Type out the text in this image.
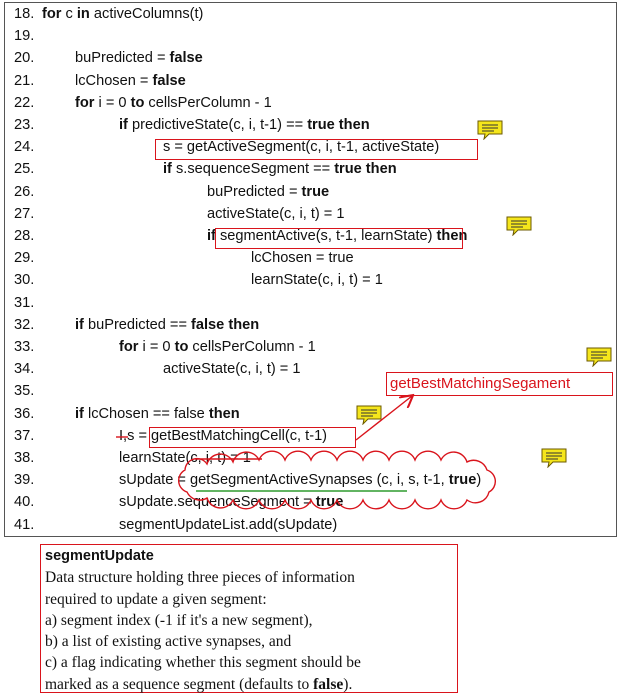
18. for c in activeColumns(t)
19.
20.	buPredicted = false
21.	lcChosen = false
22.	for i = 0 to cellsPerColumn - 1
23.	if predictiveState(c, i, t-1) == true then
24.	s = getActiveSegment(c, i, t-1, activeState)
25.	if s.sequenceSegment == true then
26.	buPredicted = true
27.	activeState(c, i, t) = 1
28.	if segmentActive(s, t-1, learnState) then
29.	lcChosen = true
30.	learnState(c, i, t) = 1
31.
32.	if buPredicted == false then
33.	for i = 0 to cellsPerColumn - 1
34.	activeState(c, i, t) = 1
35.
36.	if lcChosen == false then
37.	I,s = getBestMatchingCell(c, t-1)
38.	learnState(c, i, t) = 1
39.	sUpdate = getSegmentActiveSynapses (c, i, s, t-1, true)
40.	sUpdate.sequenceSegment = true
41.	segmentUpdateList.add(sUpdate)
getBestMatchingSegament
segmentUpdate
Data structure holding three pieces of information
required to update a given segment:
a) segment index (-1 if it's a new segment),
b) a list of existing active synapses, and
c) a flag indicating whether this segment should be
marked as a sequence segment (defaults to false).
